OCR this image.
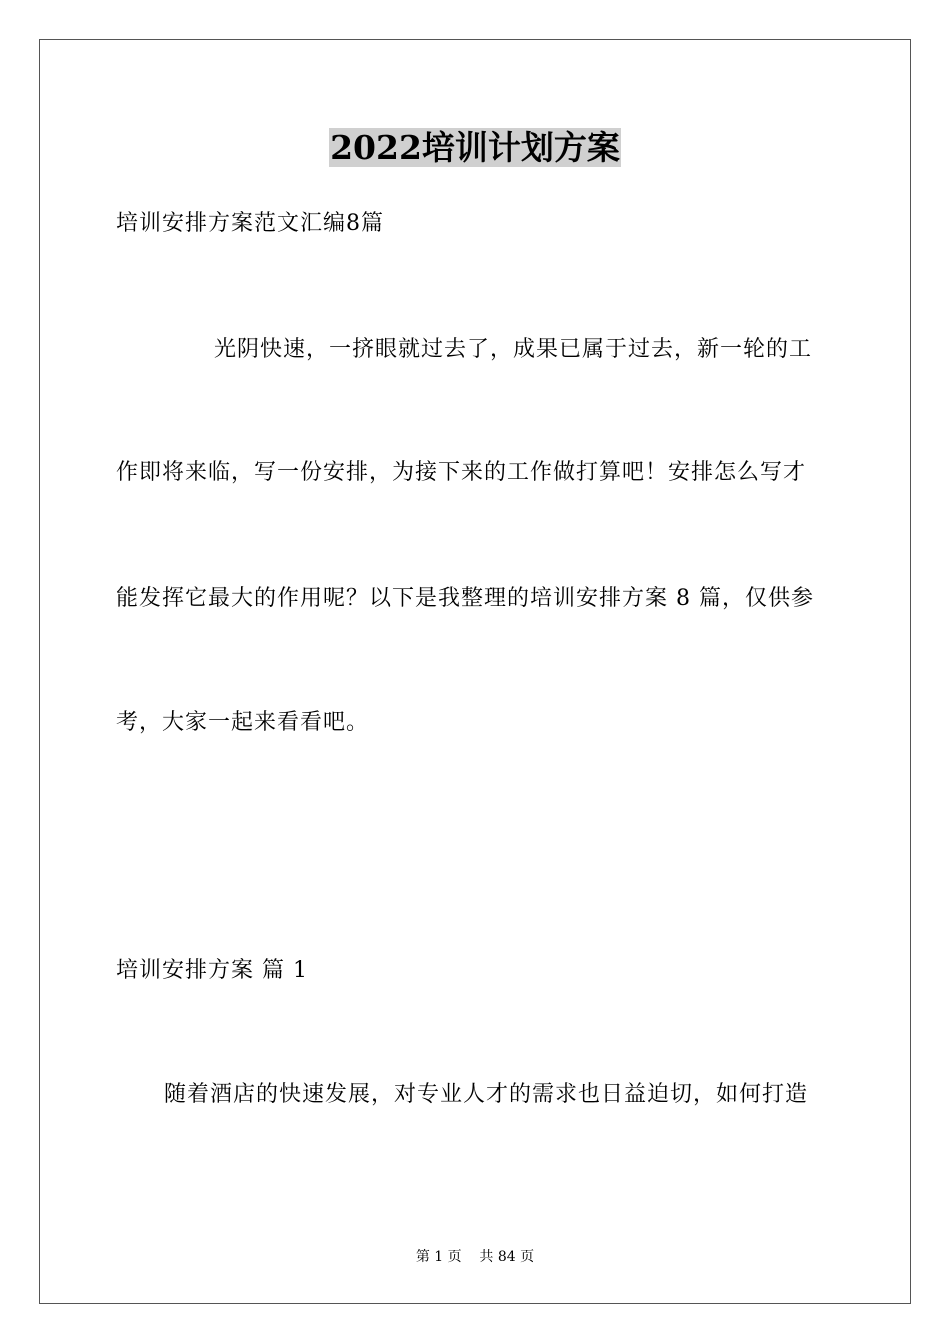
2022培训计划方案
培训安排方案范文汇编8篇
光阴快速，一挤眼就过去了，成果已属于过去，新一轮的工
作即将来临，写一份安排，为接下来的工作做打算吧！安排怎么写才
能发挥它最大的作用呢？以下是我整理的培训安排方案 8 篇，仅供参
考，大家一起来看看吧。
培训安排方案 篇 1
随着酒店的快速发展，对专业人才的需求也日益迫切，如何打造
第 1 页    共 84 页
